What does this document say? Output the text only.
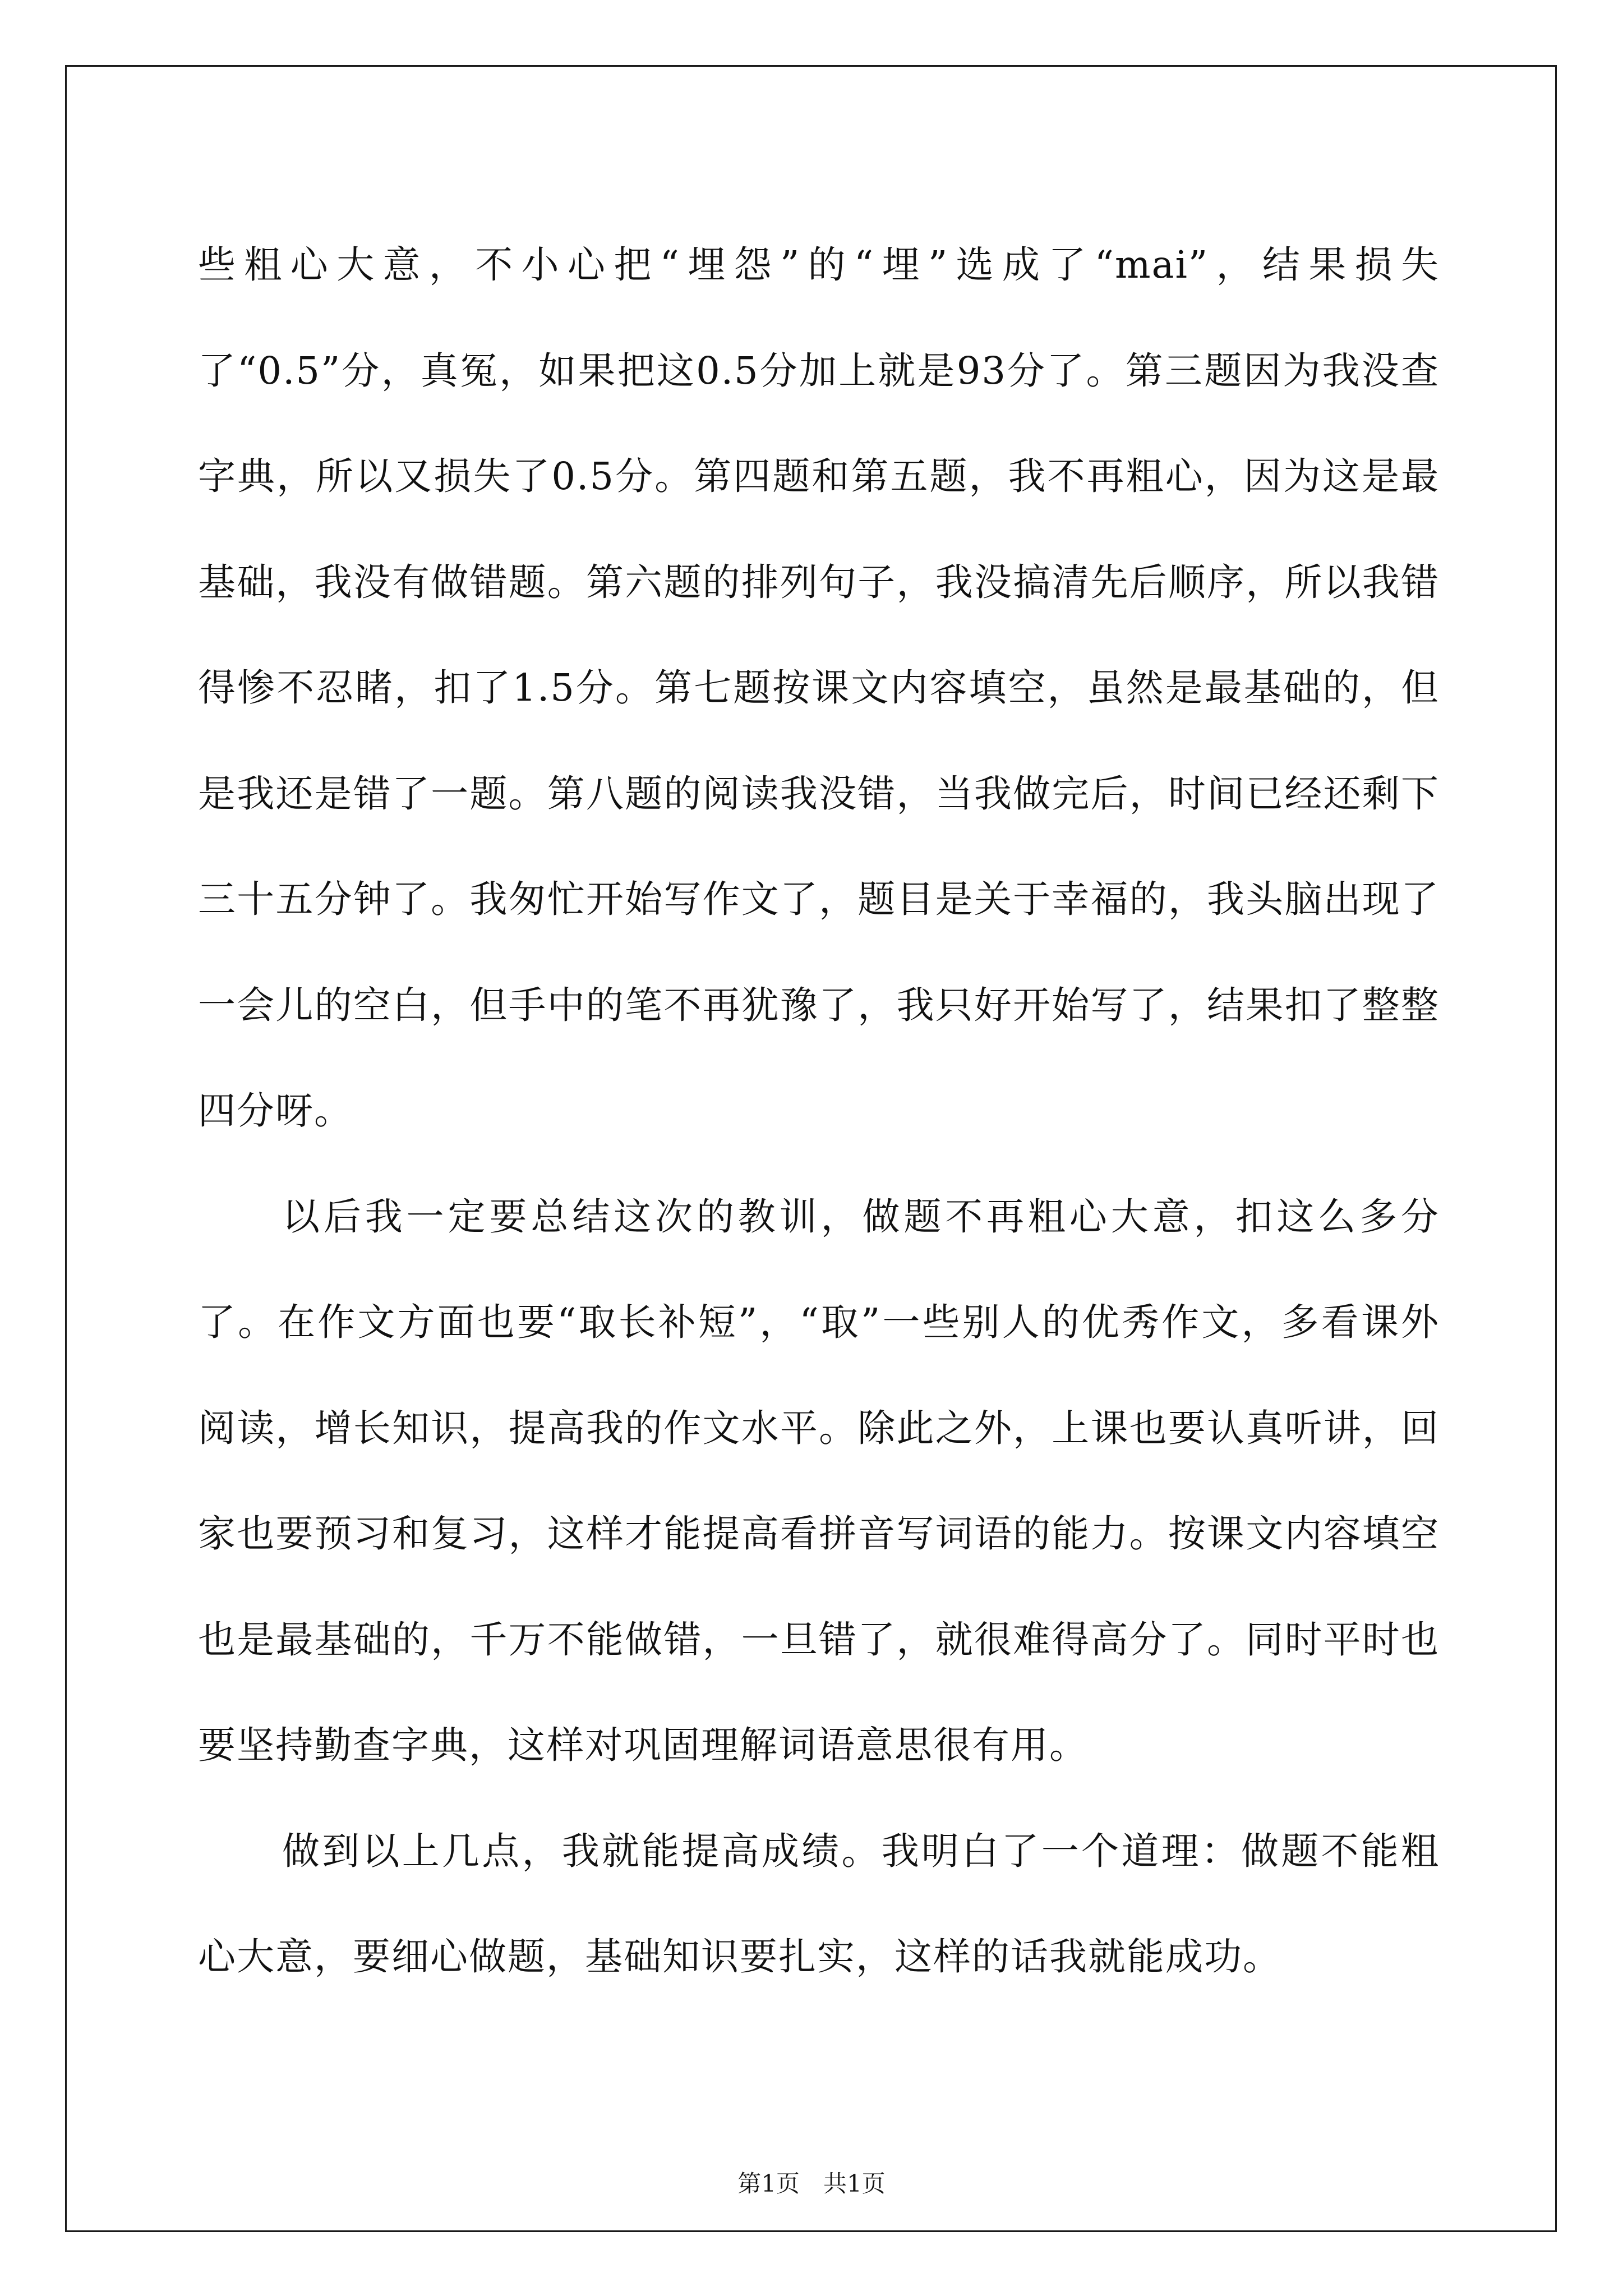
些粗心大意，不小心把“埋怨”的“埋”选成了“mai”，结果损失了“0.5”分，真冤，如果把这0.5分加上就是93分了。第三题因为我没查字典，所以又损失了0.5分。第四题和第五题，我不再粗心，因为这是最基础，我没有做错题。第六题的排列句子，我没搞清先后顺序，所以我错得惨不忍睹，扣了1.5分。第七题按课文内容填空，虽然是最基础的，但是我还是错了一题。第八题的阅读我没错，当我做完后，时间已经还剩下三十五分钟了。我匆忙开始写作文了，题目是关于幸福的，我头脑出现了一会儿的空白，但手中的笔不再犹豫了，我只好开始写了，结果扣了整整四分呀。

以后我一定要总结这次的教训，做题不再粗心大意，扣这么多分了。在作文方面也要“取长补短”，“取”一些别人的优秀作文，多看课外阅读，增长知识，提高我的作文水平。除此之外，上课也要认真听讲，回家也要预习和复习，这样才能提高看拼音写词语的能力。按课文内容填空也是最基础的，千万不能做错，一旦错了，就很难得高分了。同时平时也要坚持勤查字典，这样对巩固理解词语意思很有用。

做到以上几点，我就能提高成绩。我明白了一个道理：做题不能粗心大意，要细心做题，基础知识要扎实，这样的话我就能成功。

第1页　共1页
